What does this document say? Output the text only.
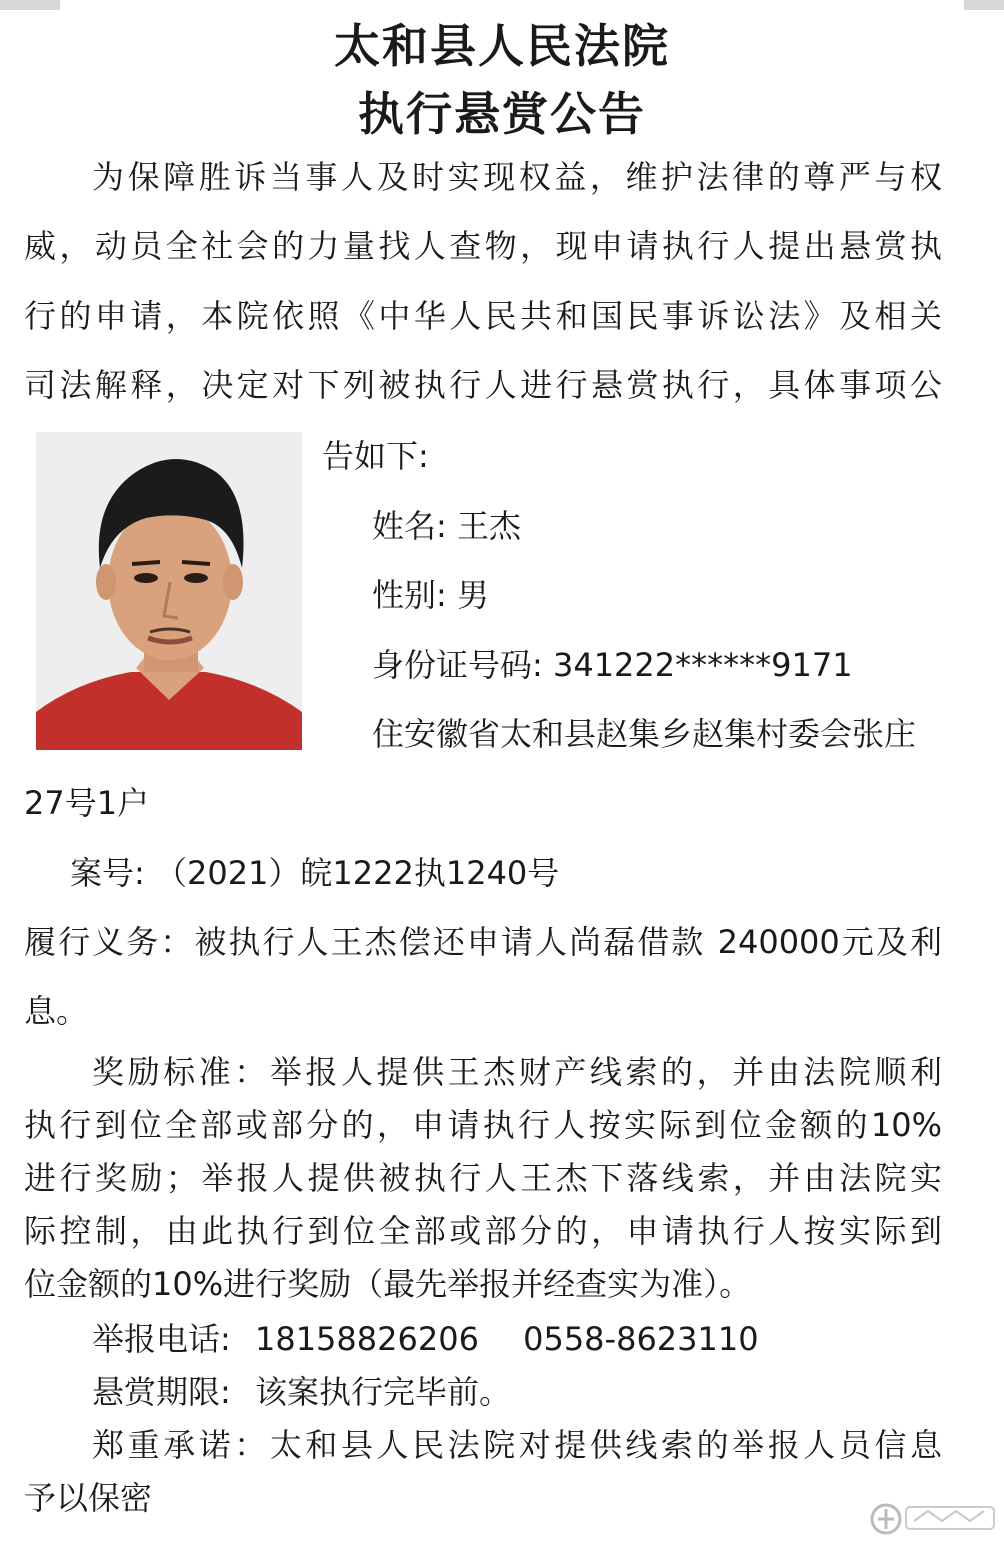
太和县人民法院
执行悬赏公告
为保障胜诉当事人及时实现权益，维护法律的尊严与权
威，动员全社会的力量找人查物，现申请执行人提出悬赏执
行的申请，本院依照《中华人民共和国民事诉讼法》及相关
司法解释，决定对下列被执行人进行悬赏执行，具体事项公
告如下:
姓名: 王杰
性别: 男
身份证号码: 341222******9171
住安徽省太和县赵集乡赵集村委会张庄
27号1户
案号: （2021）皖1222执1240号
履行义务：被执行人王杰偿还申请人尚磊借款 240000元及利
息。
奖励标准：举报人提供王杰财产线索的，并由法院顺利
执行到位全部或部分的，申请执行人按实际到位金额的10%
进行奖励；举报人提供被执行人王杰下落线索，并由法院实
际控制，由此执行到位全部或部分的，申请执行人按实际到
位金额的10%进行奖励（最先举报并经查实为准）。
举报电话: 18158826206 0558-8623110
悬赏期限: 该案执行完毕前。
郑重承诺：太和县人民法院对提供线索的举报人员信息
予以保密
